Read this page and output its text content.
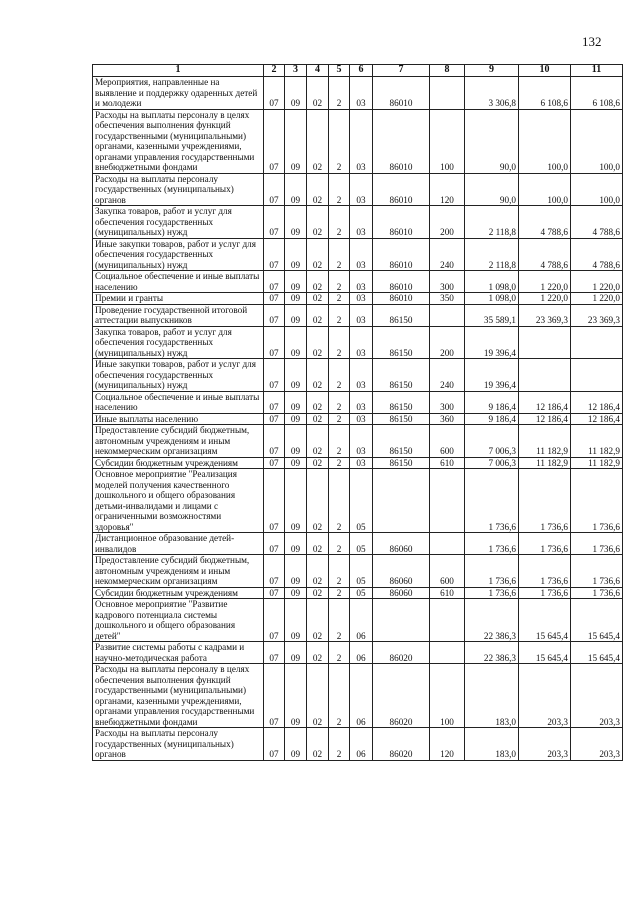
132
1	2	3	4	5	6	7	8	9	10	11
Мероприятия, направленные на выявление и поддержку одаренных детей и молодежи	07	09	02	2	03	86010		3 306,8	6 108,6	6 108,6
Расходы на выплаты персоналу в целях обеспечения выполнения функций государственными (муниципальными) органами, казенными учреждениями, органами управления государственными внебюджетными фондами	07	09	02	2	03	86010	100	90,0	100,0	100,0
Расходы на выплаты персоналу государственных (муниципальных) органов	07	09	02	2	03	86010	120	90,0	100,0	100,0
Закупка товаров, работ и услуг для обеспечения государственных (муниципальных) нужд	07	09	02	2	03	86010	200	2 118,8	4 788,6	4 788,6
Иные закупки товаров, работ и услуг для обеспечения государственных (муниципальных) нужд	07	09	02	2	03	86010	240	2 118,8	4 788,6	4 788,6
Социальное обеспечение и иные выплаты населению	07	09	02	2	03	86010	300	1 098,0	1 220,0	1 220,0
Премии и гранты	07	09	02	2	03	86010	350	1 098,0	1 220,0	1 220,0
Проведение государственной итоговой аттестации выпускников	07	09	02	2	03	86150		35 589,1	23 369,3	23 369,3
Закупка товаров, работ и услуг для обеспечения государственных (муниципальных) нужд	07	09	02	2	03	86150	200	19 396,4		
Иные закупки товаров, работ и услуг для обеспечения государственных (муниципальных) нужд	07	09	02	2	03	86150	240	19 396,4		
Социальное обеспечение и иные выплаты населению	07	09	02	2	03	86150	300	9 186,4	12 186,4	12 186,4
Иные выплаты населению	07	09	02	2	03	86150	360	9 186,4	12 186,4	12 186,4
Предоставление субсидий бюджетным, автономным учреждениям и иным некоммерческим организациям	07	09	02	2	03	86150	600	7 006,3	11 182,9	11 182,9
Субсидии бюджетным учреждениям	07	09	02	2	03	86150	610	7 006,3	11 182,9	11 182,9
Основное мероприятие "Реализация моделей получения качественного дошкольного и общего образования детьми-инвалидами и лицами с ограниченными возможностями здоровья"	07	09	02	2	05			1 736,6	1 736,6	1 736,6
Дистанционное образование детей-инвалидов	07	09	02	2	05	86060		1 736,6	1 736,6	1 736,6
Предоставление субсидий бюджетным, автономным учреждениям и иным некоммерческим организациям	07	09	02	2	05	86060	600	1 736,6	1 736,6	1 736,6
Субсидии бюджетным учреждениям	07	09	02	2	05	86060	610	1 736,6	1 736,6	1 736,6
Основное мероприятие "Развитие кадрового потенциала системы дошкольного и общего образования детей"	07	09	02	2	06			22 386,3	15 645,4	15 645,4
Развитие системы работы с кадрами и научно-методическая работа	07	09	02	2	06	86020		22 386,3	15 645,4	15 645,4
Расходы на выплаты персоналу в целях обеспечения выполнения функций государственными (муниципальными) органами, казенными учреждениями, органами управления государственными внебюджетными фондами	07	09	02	2	06	86020	100	183,0	203,3	203,3
Расходы на выплаты персоналу государственных (муниципальных) органов	07	09	02	2	06	86020	120	183,0	203,3	203,3
